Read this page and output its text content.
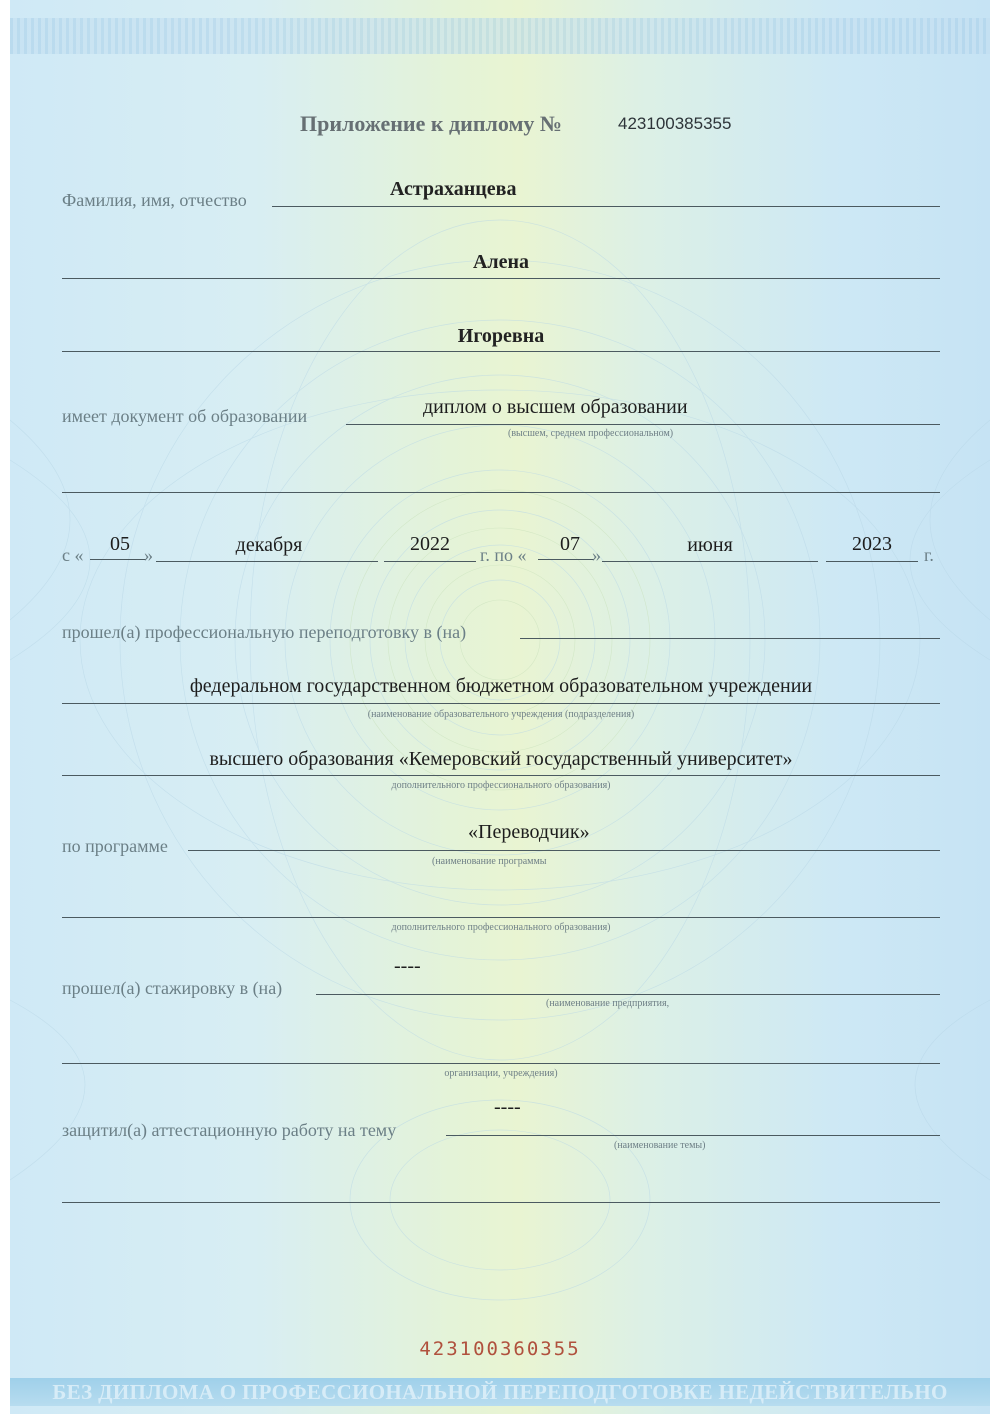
Приложение к диплому №	423100385355
Фамилия, имя, отчество	Астраханцева
Алена
Игоревна
имеет документ об образовании	диплом о высшем образовании
(высшем, среднем профессиональном)
с «	05 »	декабря	2022	г. по «	07 »	июня	2023	г.
прошел(а) профессиональную переподготовку в (на)
федеральном государственном бюджетном образовательном учреждении
(наименование образовательного учреждения (подразделения)
высшего образования «Кемеровский государственный университет»
дополнительного профессионального образования)
по программе
«Переводчик»
(наименование программы
дополнительного профессионального образования)
----
прошел(а) стажировку в (на)
(наименование предприятия,
организации, учреждения)
----
защитил(а) аттестационную работу на тему
(наименование темы)
423100360355
БЕЗ ДИПЛОМА О ПРОФЕССИОНАЛЬНОЙ ПЕРЕПОДГОТОВКЕ НЕДЕЙСТВИТЕЛЬНО
